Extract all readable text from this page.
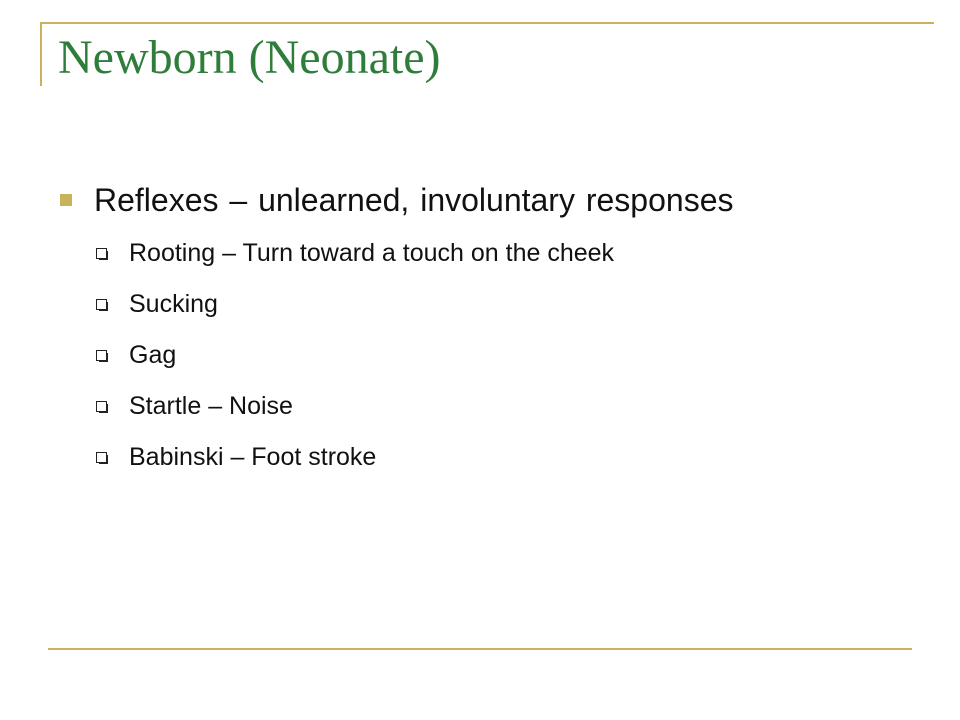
Newborn (Neonate)
Reflexes – unlearned, involuntary responses
Rooting – Turn toward a touch on the cheek
Sucking
Gag
Startle – Noise
Babinski – Foot stroke
